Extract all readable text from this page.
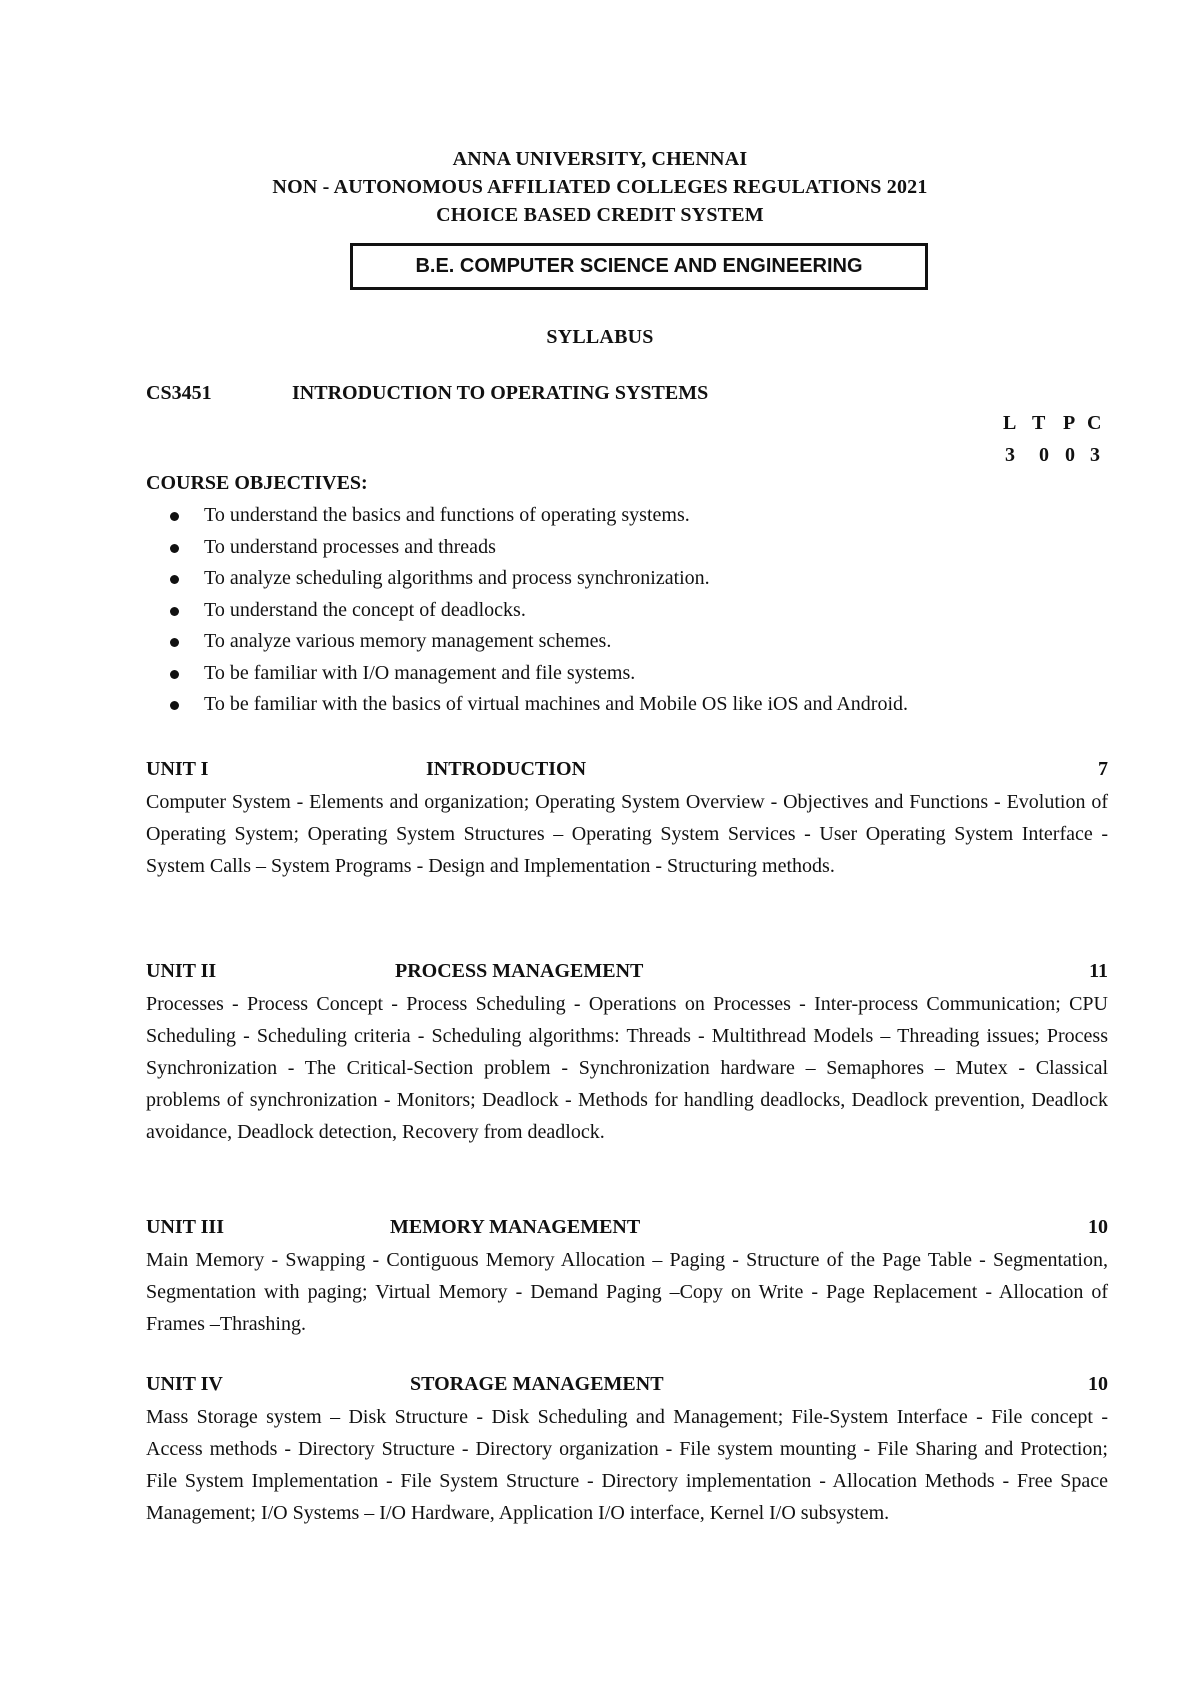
ANNA UNIVERSITY, CHENNAI
NON - AUTONOMOUS AFFILIATED COLLEGES REGULATIONS 2021
CHOICE BASED CREDIT SYSTEM
B.E. COMPUTER SCIENCE AND ENGINEERING
SYLLABUS
CS3451	INTRODUCTION TO OPERATING SYSTEMS
L T P C
3 0 0 3
COURSE OBJECTIVES:
To understand the basics and functions of operating systems.
To understand processes and threads
To analyze scheduling algorithms and process synchronization.
To understand the concept of deadlocks.
To analyze various memory management schemes.
To be familiar with I/O management and file systems.
To be familiar with the basics of virtual machines and Mobile OS like iOS and Android.
UNIT I	INTRODUCTION	7

Computer System - Elements and organization; Operating System Overview - Objectives and Functions - Evolution of Operating System; Operating System Structures – Operating System Services - User Operating System Interface - System Calls – System Programs - Design and Implementation - Structuring methods.

UNIT II	PROCESS MANAGEMENT	11

Processes - Process Concept - Process Scheduling - Operations on Processes - Inter-process Communication; CPU Scheduling - Scheduling criteria - Scheduling algorithms: Threads - Multithread Models – Threading issues; Process Synchronization - The Critical-Section problem - Synchronization hardware – Semaphores – Mutex - Classical problems of synchronization - Monitors; Deadlock - Methods for handling deadlocks, Deadlock prevention, Deadlock avoidance, Deadlock detection, Recovery from deadlock.

UNIT III	MEMORY MANAGEMENT	10

Main Memory - Swapping - Contiguous Memory Allocation – Paging - Structure of the Page Table - Segmentation, Segmentation with paging; Virtual Memory - Demand Paging –Copy on Write - Page Replacement - Allocation of Frames –Thrashing.

UNIT IV	STORAGE MANAGEMENT	10

Mass Storage system – Disk Structure - Disk Scheduling and Management; File-System Interface - File concept - Access methods - Directory Structure - Directory organization - File system mounting - File Sharing and Protection; File System Implementation - File System Structure - Directory implementation - Allocation Methods - Free Space Management; I/O Systems – I/O Hardware, Application I/O interface, Kernel I/O subsystem.
